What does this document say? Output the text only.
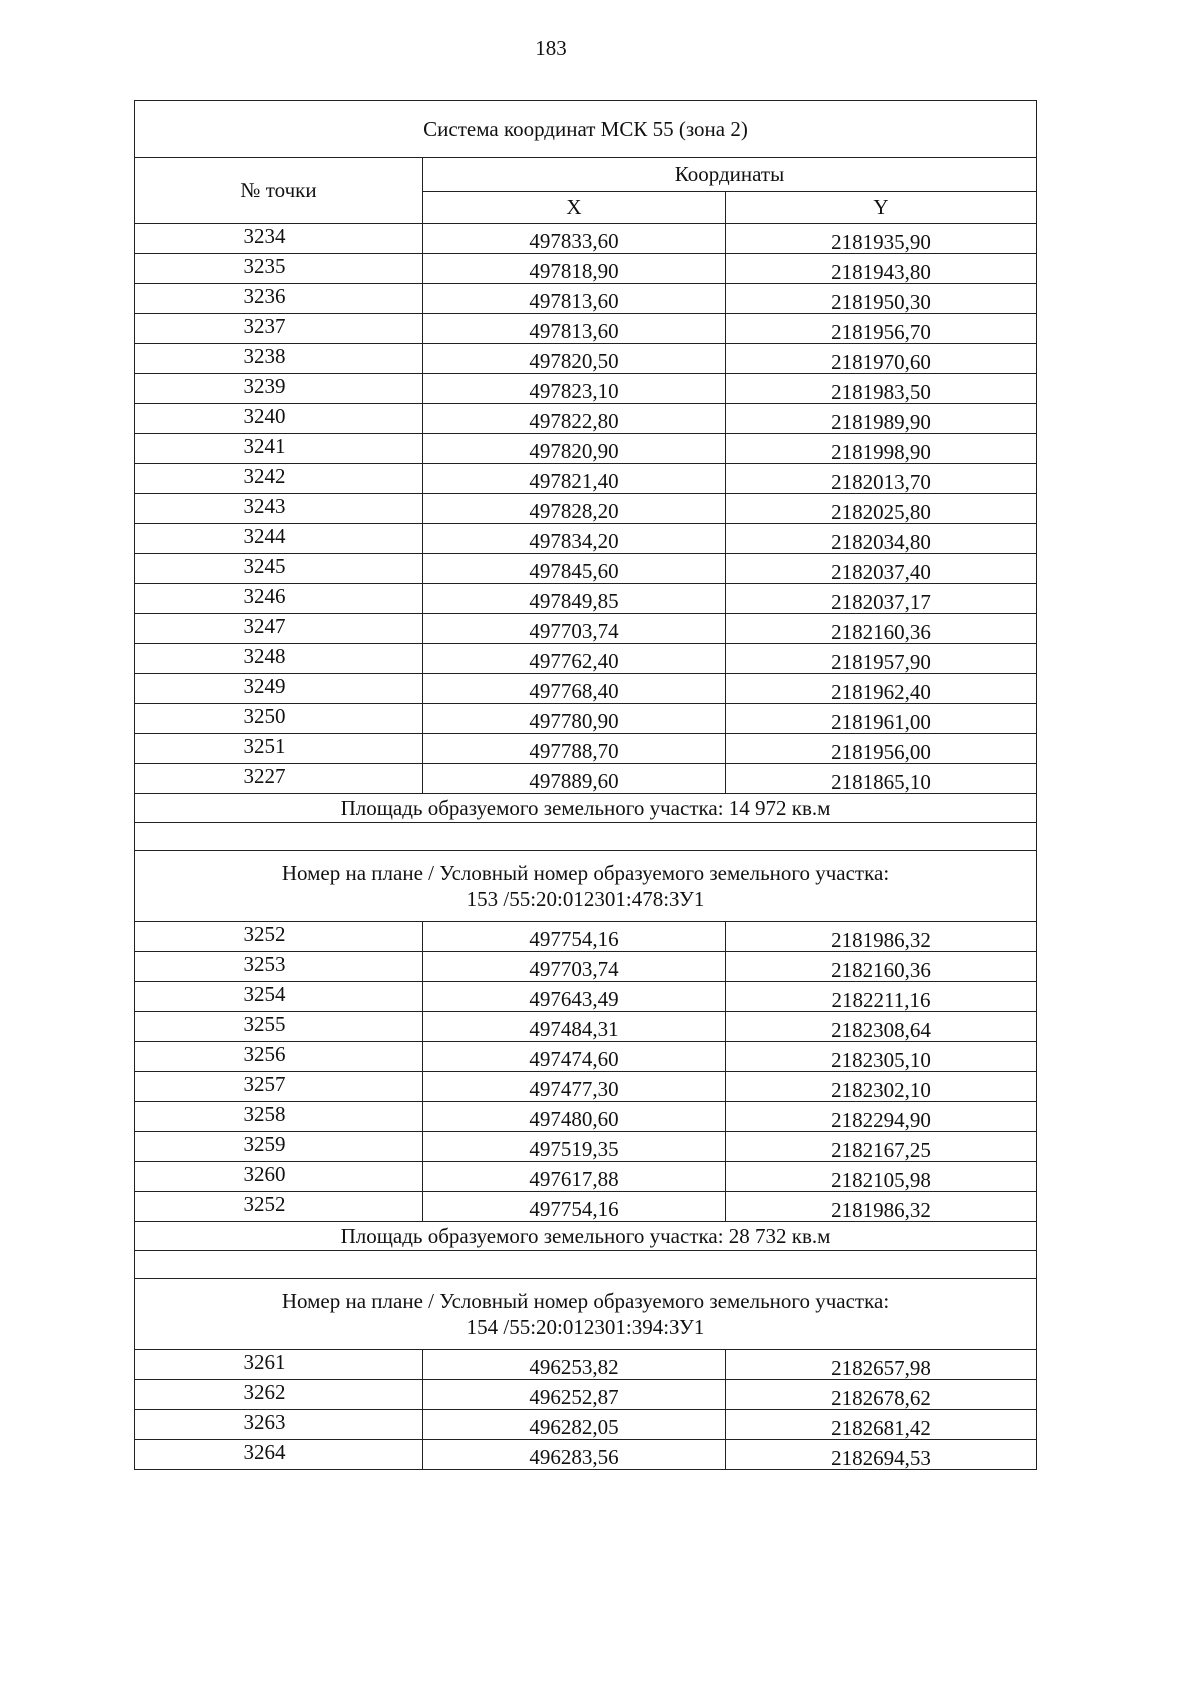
183
Система координат МСК 55 (зона 2)		
№ точки	Координаты	
	X	Y
3234	497833,60	2181935,90
3235	497818,90	2181943,80
3236	497813,60	2181950,30
3237	497813,60	2181956,70
3238	497820,50	2181970,60
3239	497823,10	2181983,50
3240	497822,80	2181989,90
3241	497820,90	2181998,90
3242	497821,40	2182013,70
3243	497828,20	2182025,80
3244	497834,20	2182034,80
3245	497845,60	2182037,40
3246	497849,85	2182037,17
3247	497703,74	2182160,36
3248	497762,40	2181957,90
3249	497768,40	2181962,40
3250	497780,90	2181961,00
3251	497788,70	2181956,00
3227	497889,60	2181865,10
Площадь образуемого земельного участка: 14 972 кв.м		

Номер на плане / Условный номер образуемого земельного участка:
153 /55:20:012301:478:ЗУ1		

3252	497754,16	2181986,32
3253	497703,74	2182160,36
3254	497643,49	2182211,16
3255	497484,31	2182308,64
3256	497474,60	2182305,10
3257	497477,30	2182302,10
3258	497480,60	2182294,90
3259	497519,35	2182167,25
3260	497617,88	2182105,98
3252	497754,16	2181986,32
Площадь образуемого земельного участка: 28 732 кв.м		

Номер на плане / Условный номер образуемого земельного участка:
154 /55:20:012301:394:ЗУ1		

3261	496253,82	2182657,98
3262	496252,87	2182678,62
3263	496282,05	2182681,42
3264	496283,56	2182694,53
